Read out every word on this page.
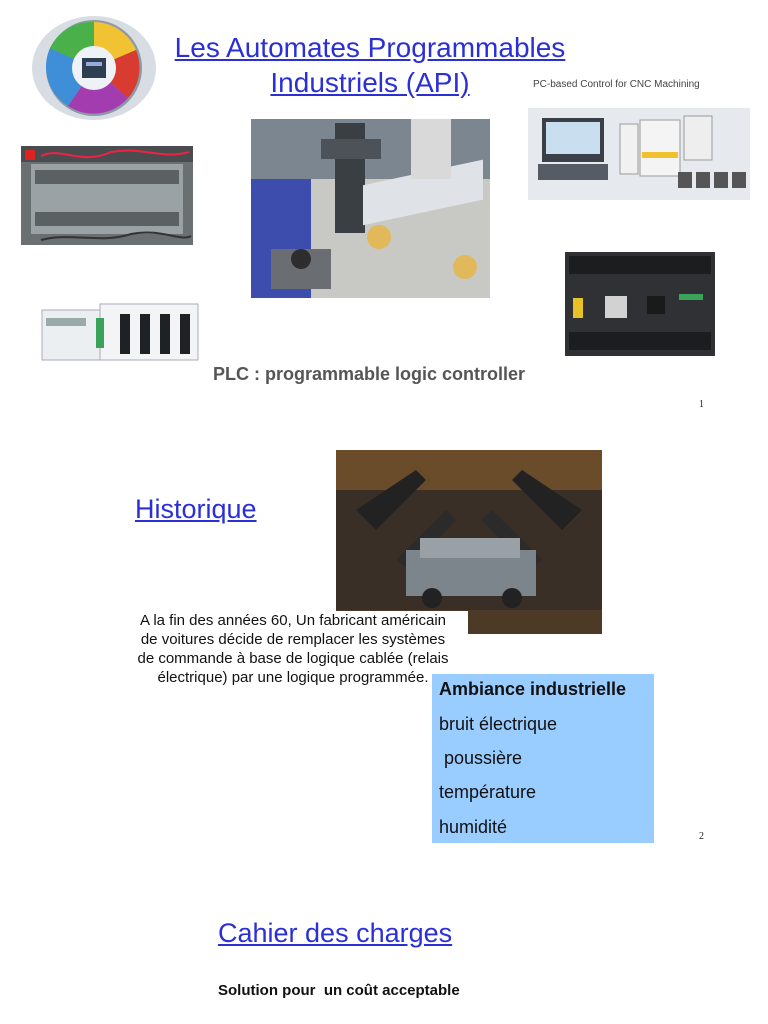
Les Automates Programmables
Industriels (API)	PC-based Control for CNC Machining
PLC : programmable logic controller
1
Historique
A la fin des années 60, Un fabricant américain
de voitures décide de remplacer les systèmes
de commande à base de logique cablée (relais
électrique) par une logique programmée.
Ambiance industrielle
bruit électrique
poussière
température
humidité	2
Cahier des charges
Solution pour  un coût acceptable
